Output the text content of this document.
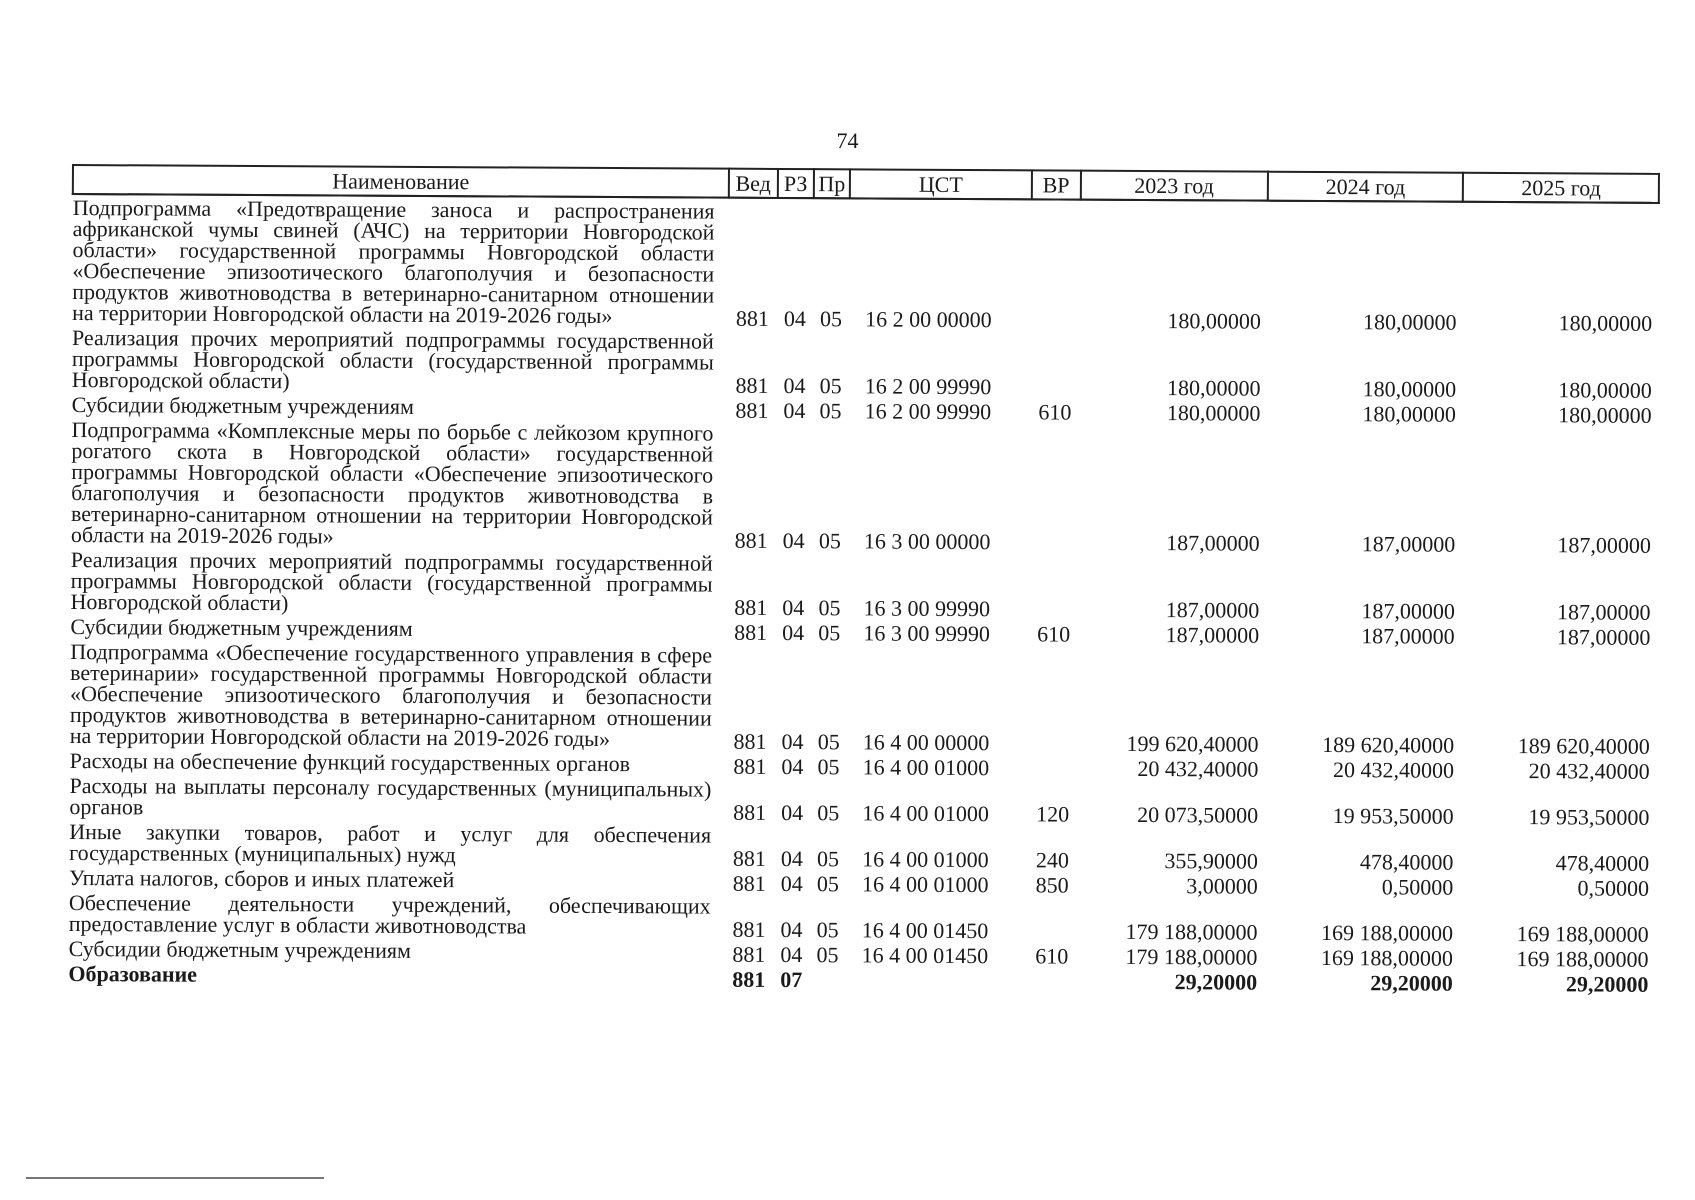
74
Наименование	Вед	РЗ	Пр	ЦСТ	ВР	2023 год	2024 год	2025 год
Подпрограмма «Предотвращение заноса и распространения африканской чумы свиней (АЧС) на территории Новгородской области» государственной программы Новгородской области «Обеспечение эпизоотического благополучия и безопасности продуктов животноводства в ветеринарно-санитарном отношении на территории Новгородской области на 2019-2026 годы»	881	04	05	16 2 00 00000		180,00000	180,00000	180,00000
Реализация прочих мероприятий подпрограммы государственной программы Новгородской области (государственной программы Новгородской области)	881	04	05	16 2 00 99990		180,00000	180,00000	180,00000
Субсидии бюджетным учреждениям	881	04	05	16 2 00 99990	610	180,00000	180,00000	180,00000
Подпрограмма «Комплексные меры по борьбе с лейкозом крупного рогатого скота в Новгородской области» государственной программы Новгородской области «Обеспечение эпизоотического благополучия и безопасности продуктов животноводства в ветеринарно-санитарном отношении на территории Новгородской области на 2019-2026 годы»	881	04	05	16 3 00 00000		187,00000	187,00000	187,00000
Реализация прочих мероприятий подпрограммы государственной программы Новгородской области (государственной программы Новгородской области)	881	04	05	16 3 00 99990		187,00000	187,00000	187,00000
Субсидии бюджетным учреждениям	881	04	05	16 3 00 99990	610	187,00000	187,00000	187,00000
Подпрограмма «Обеспечение государственного управления в сфере ветеринарии» государственной программы Новгородской области «Обеспечение эпизоотического благополучия и безопасности продуктов животноводства в ветеринарно-санитарном отношении на территории Новгородской области на 2019-2026 годы»	881	04	05	16 4 00 00000		199 620,40000	189 620,40000	189 620,40000
Расходы на обеспечение функций государственных органов	881	04	05	16 4 00 01000		20 432,40000	20 432,40000	20 432,40000
Расходы на выплаты персоналу государственных (муниципальных) органов	881	04	05	16 4 00 01000	120	20 073,50000	19 953,50000	19 953,50000
Иные закупки товаров, работ и услуг для обеспечения государственных (муниципальных) нужд	881	04	05	16 4 00 01000	240	355,90000	478,40000	478,40000
Уплата налогов, сборов и иных платежей	881	04	05	16 4 00 01000	850	3,00000	0,50000	0,50000
Обеспечение деятельности учреждений, обеспечивающих предоставление услуг в области животноводства	881	04	05	16 4 00 01450		179 188,00000	169 188,00000	169 188,00000
Субсидии бюджетным учреждениям	881	04	05	16 4 00 01450	610	179 188,00000	169 188,00000	169 188,00000
Образование	881	07				29,20000	29,20000	29,20000
